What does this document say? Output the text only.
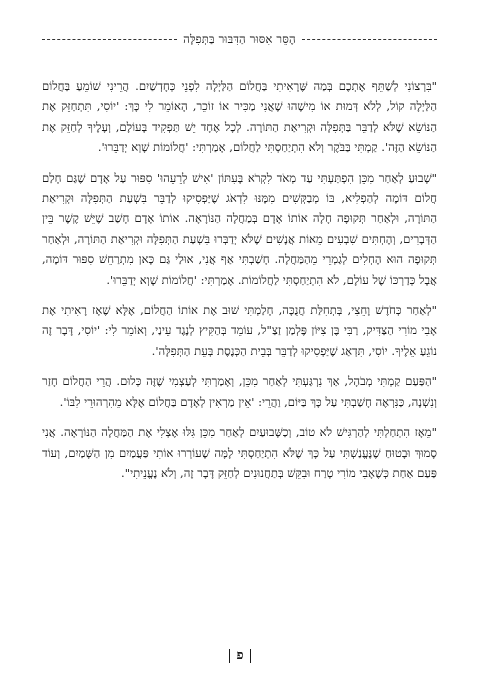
הֶסֵּר אִסּוּר הַדִּבּוּר בַּתְּפִלָּה

"בִּרְצוֹנִי לְשַׁתֵּף אֶתְכֶם בְּמַה שֶּׁרָאִיתִי בַּחֲלוֹם הַלַּיְלָה לִפְנֵי כְּחָדְשַׁיִם. הֲרֵינִי שׁוֹמֵעַ בַּחֲלוֹם הַלַּיְלָה קוֹל, לְלֹא דְּמוּת אוֹ מִישֶׁהוּ שֶׁאֲנִי מַכִּיר אוֹ זוֹכֵר, הָאוֹמֵר לִי כָּךְ: 'יוֹסִי, תִּתְחַזֵּק אֶת הַנּוֹשֵׂא שֶׁלֹּא לְדַבֵּר בַּתְּפִלָּה וּקְרִיאַת הַתּוֹרָה. לְכָל אֶחָד יֵשׁ תַּפְקִיד בָּעוֹלָם, וְעָלֶיךָ לְחַזֵּק אֶת הַנּוֹשֵׂא הַזֶּה'. קַמְתִּי בַּבֹּקֶר וְלֹא הִתְיַחַסְתִּי לַחֲלוֹם, אָמַרְתִּי: 'חֲלוֹמוֹת שָׁוְא יְדַבֵּרוּ'.

"שָׁבוּעַ לְאַחַר מִכֵּן הִפְתַּעְתִּי עַד מְאֹד לִקְרֹא בָּעִתּוֹן 'אִישׁ לְרֵעֵהוּ' סִפּוּר עַל אָדָם שֶׁגַּם חָלַם חֲלוֹם דּוֹמֶה לְהַפְלִיא, בּוֹ מְבַקְּשִׁים מִמֶּנּוּ לִדְאֹג שֶׁיַּפְסִיקוּ לְדַבֵּר בִּשְׁעַת הַתְּפִלָּה וּקְרִיאַת הַתּוֹרָה, וּלְאַחַר תְּקוּפָה חָלָה אוֹתוֹ אָדָם בְּמַחֲלָה הַנּוֹרָאָה. אוֹתוֹ אָדָם חָשַׁב שֶׁיֵּשׁ קֶשֶׁר בֵּין הַדְּבָרִים, וְהֶחְתִּים שִׁבְעִים מֵאוֹת אֲנָשִׁים שֶׁלֹּא יְדַבְּרוּ בִּשְׁעַת הַתְּפִלָּה וּקְרִיאַת הַתּוֹרָה, וּלְאַחַר תְּקוּפָה הוּא הֶחְלִים לְגַמְרֵי מֵהַמַּחֲלָה. חָשַׁבְתִּי אַף אֲנִי, אוּלַי גַּם כָּאן מִתְרַחֵשׁ סִפּוּר דּוֹמֶה, אֲבָל כְּדַרְכּוֹ שֶׁל עוֹלָם, לֹא הִתְיַחַסְתִּי לַחֲלוֹמוֹת. אָמַרְתִּי: 'חֲלוֹמוֹת שָׁוְא יְדַבֵּרוּ'.

"לְאַחַר כְּחֹדֶשׁ וָחֵצִי, בְּתְחִלַּת חֲנֻכָּה, חָלַמְתִּי שׁוּב אֶת אוֹתוֹ הַחֲלוֹם, אֶלָּא שֶׁאָז רָאִיתִי אֶת אָבִי מוֹרִי הַצַּדִּיק, רַבִּי בֶּן צִיּוֹן פֶּלְמַן זַצַ"ל, עוֹמֵד בְּהַקִּיץ לְנֶגֶד עֵינַי, וְאוֹמֵר לִי: 'יוֹסִי, דָּבָר זֶה נוֹגֵעַ אֵלֶיךָ. יוֹסִי, תִּדְאַג שֶׁיַּפְסִיקוּ לְדַבֵּר בְּבֵית הַכְּנֶסֶת בְּעֵת הַתְּפִלָּה'.

"הַפַּעַם קַמְתִּי מְבֹהָל, אַךְ נִרְגַּעְתִּי לְאַחַר מִכֵּן, וְאָמַרְתִּי לְעַצְמִי שֶׁזֶּה כְּלוּם. הֲרֵי הַחֲלוֹם חָזַר וְנִשְׁנָה, כַּנִּרְאֶה חָשַׁבְתִּי עַל כָּךְ בַּיּוֹם, וַהֲרֵי: 'אֵין מַרְאִין לְאָדָם בַּחֲלוֹם אֶלָּא מֵהִרְהוּרֵי לִבּוֹ'.

"מֵאָז הִתְחַלְתִּי לְהַרְגִּישׁ לֹא טוֹב, וְכַשָּׁבוּעַיִם לְאַחַר מִכֵּן גִּלּוּ אֶצְלִי אֶת הַמַּחֲלָה הַנּוֹרָאָה. אֲנִי סָמוּךְ וּבָטוּחַ שֶׁנֶּעֱנַשְׁתִּי עַל כָּךְ שֶׁלֹּא הִתְיַחַסְתִּי לָמָּה שֶׁעוֹרְרוּ אוֹתִי פַּעֲמַיִם מִן הַשָּׁמַיִם, וְעוֹד פַּעַם אַחַת כְּשֶׁאָבִי מוֹרִי טָרַח וּבִקֵּשׁ בְּתַחֲנוּנִים לְחַזֵּק דָּבָר זֶה, וְלֹא נֶעֱנֵיתִי".

פ
